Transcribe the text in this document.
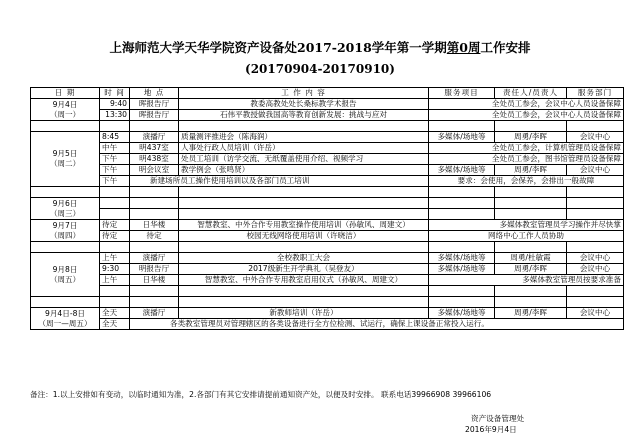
上海师范大学天华学院资产设备处2017-2018学年第一学期第0周工作安排
(20170904-20170910)
日 期	时 间	地 点	工 作 内 容	服务项目	责任人/员责人	服务部门
9月4日
（周一）	9:40	晖报告厅	教委高教处处长桑标教学术报告	全处员工参会，会议中心人员设备保障		
	13:30	晖报告厅	石伟平教授做我国高等教育创新发展：挑战与应对	全处员工参会，会议中心人员设备保障		

9月5日
（周二）	8:45	演播厅	质量测评推进会（陈海润）	多媒体/场地等	周勇/李晖	会议中心
	中午	明437室	人事处行政人员培训（许岳）	全处员工参会，计算机管理员设备保障		
	下午	明438室	处员工培训（访学交流、无纸覆盖使用介绍、视频学习	全处员工参会，图书馆管理员设备保障		
	下午	明会议室	教学例会（张鸣贤）	多媒体/场地等	周勇/李晖	会议中心
	下午	新建场所员工操作使用培训以及各部门员工培训		要求：会使用，会保养，会排出一般故障		

9月6日
（周三）						

9月7日
（周四）	待定	日华楼	智慧教室、中外合作专用教室操作使用培训（孙敏风、周建文）	多媒体教室管理员学习操作并尽快掌		
	待定	待定	校园无线网络使用培训（许晓洁）	网络中心工作人员协助		

9月8日
（周五）	上午	演播厅	全校教职工大会	多媒体/场地等	周勇/杜敏霞	会议中心
	9:30	明报告厅	2017级新生开学典礼（吴登友）	多媒体/场地等	周勇/李晖	会议中心
	上午	日华楼	智慧教室、中外合作专用教室启用仪式（孙敏风、周建文）	多媒体教室管理员按要求准备		

9月4日-8日
（周一—周五）	全天	演播厅	新教师培训（许岳）	多媒体/场地等	周勇/李晖	会议中心
	全天	各类教室管理员对管理辖区的各类设备进行全方位检测、试运行，确保上课设备正常投入运行。				
备注：1.以上安排如有变动，以临时通知为准，2.各部门有其它安排请提前通知资产处，以便及时安排。 联系电话39966908 39966106
资产设备管理处
2016年9月4日
